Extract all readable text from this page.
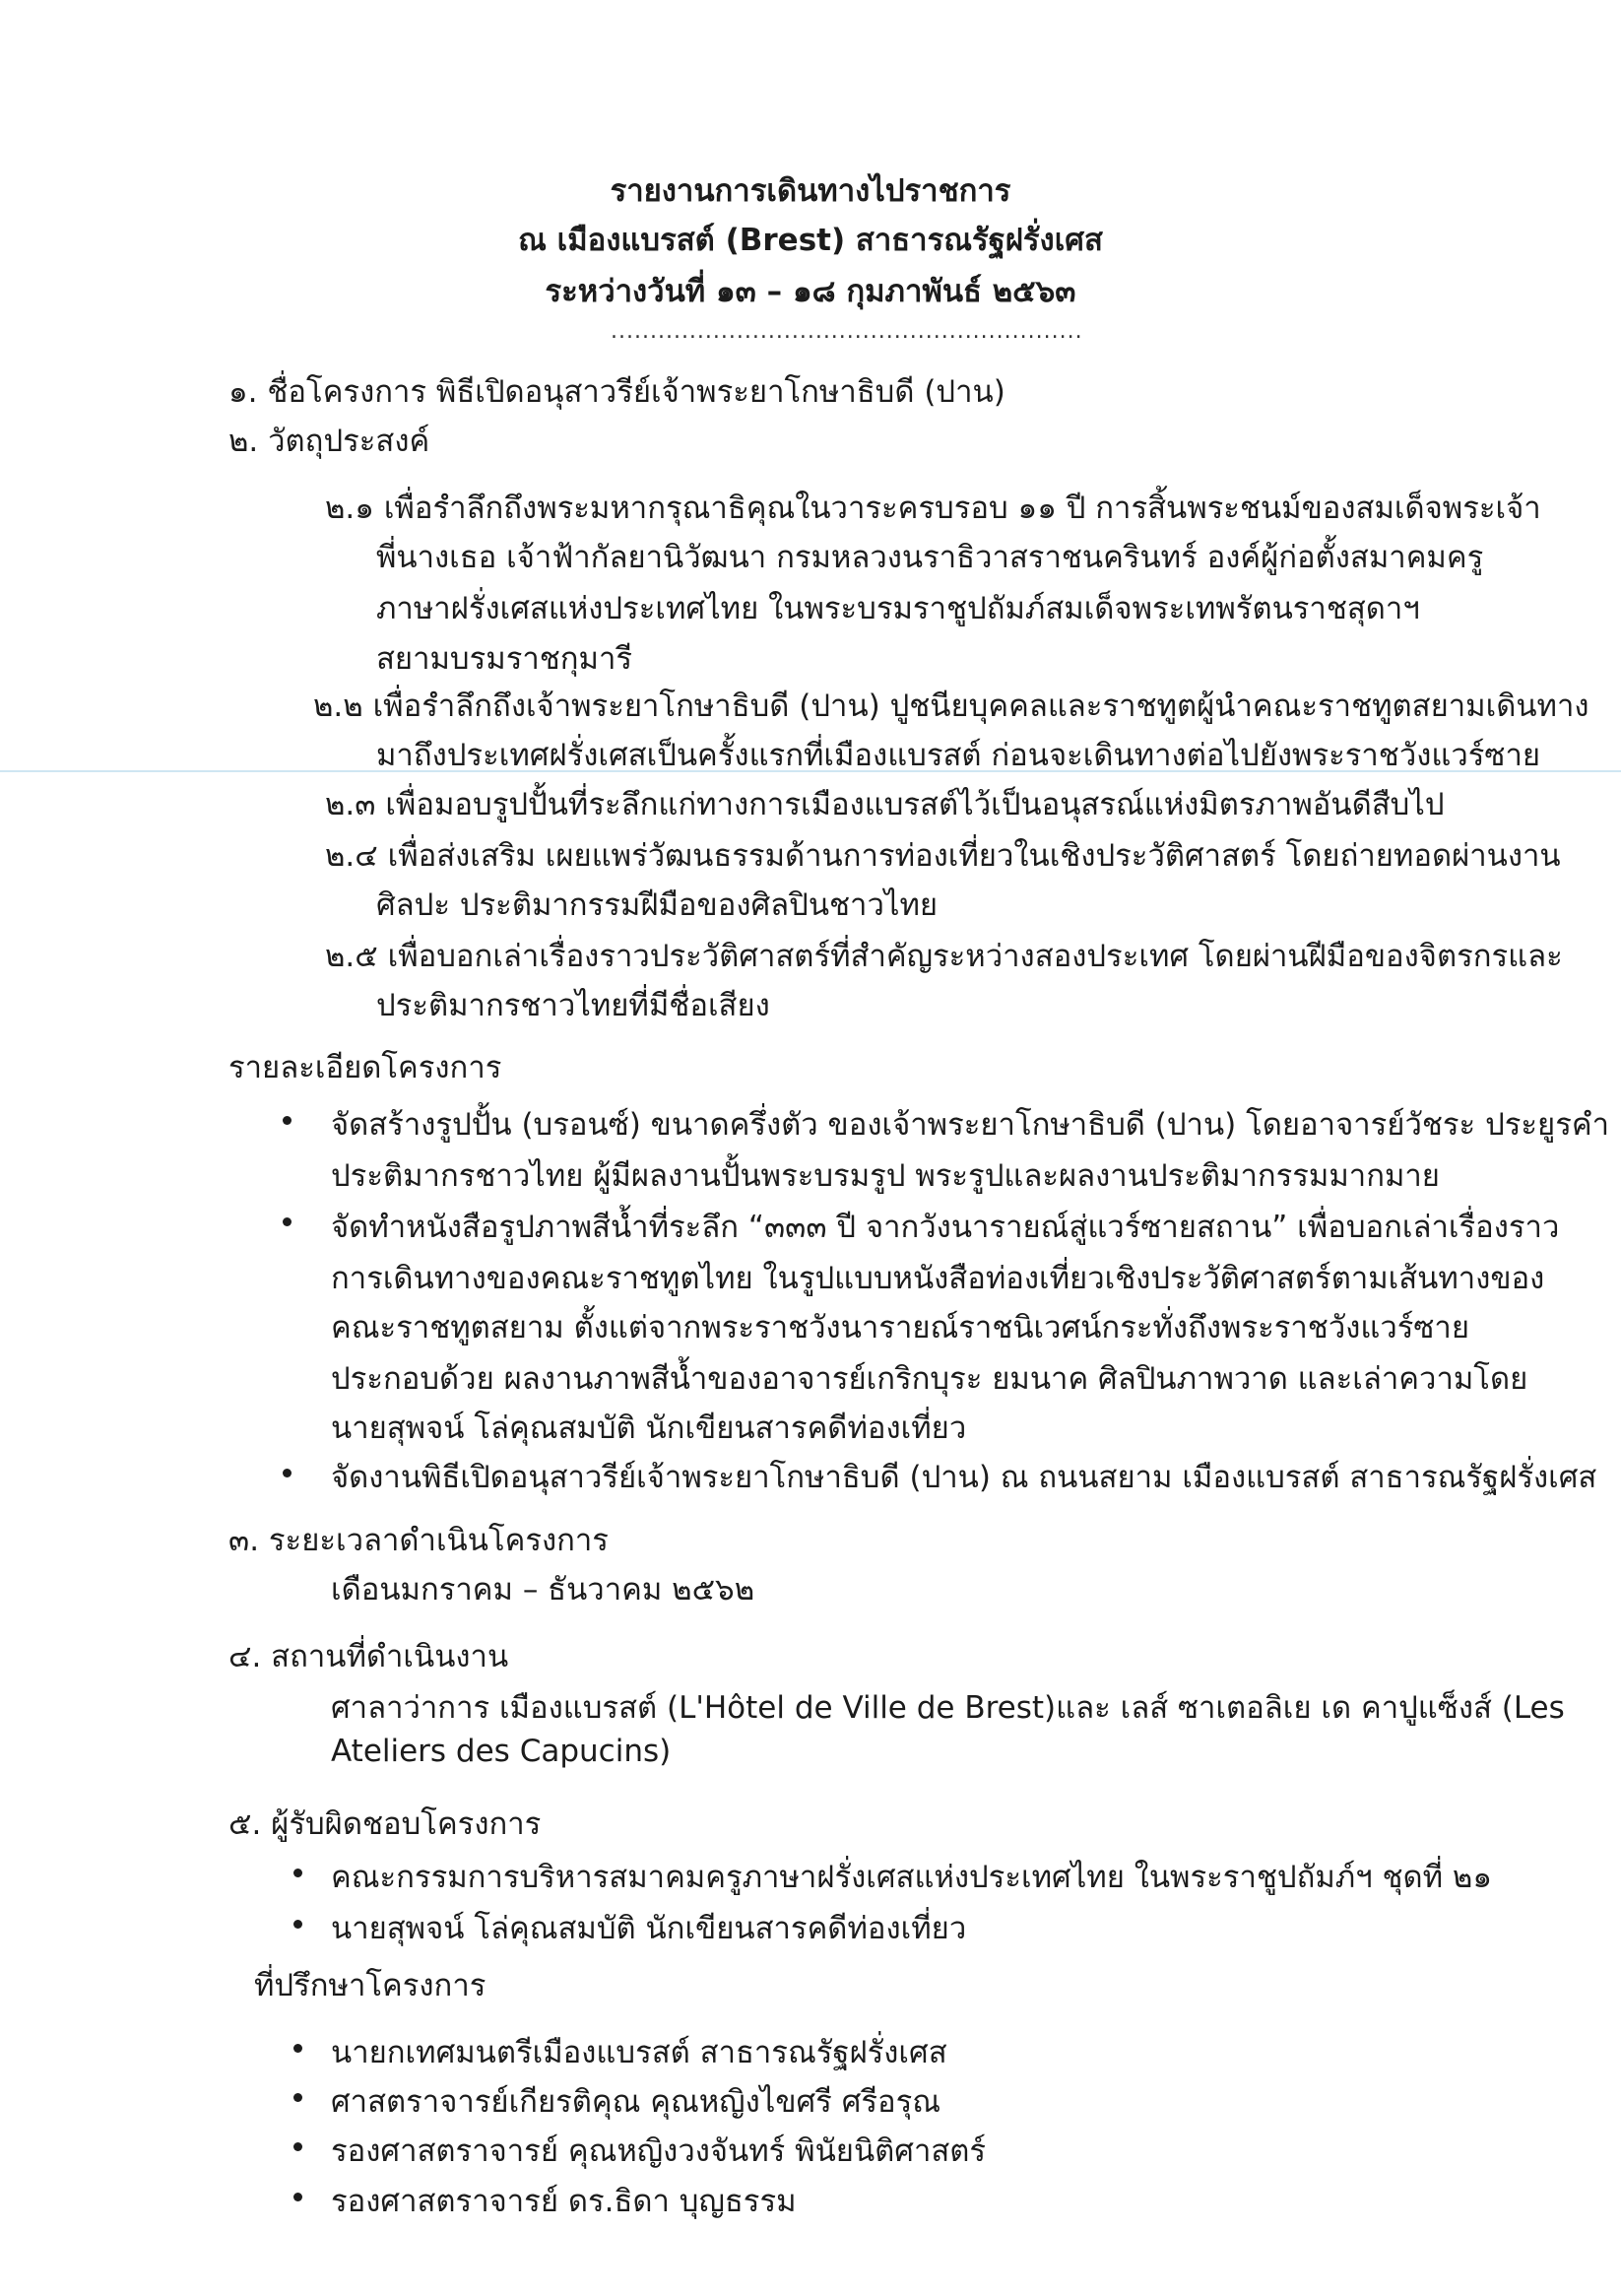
รายงานการเดินทางไปราชการ
ณ เมืองแบรสต์ (Brest) สาธารณรัฐฝรั่งเศส
ระหว่างวันที่ ๑๓ – ๑๘ กุมภาพันธ์ ๒๕๖๓
............................................................
๑. ชื่อโครงการ พิธีเปิดอนุสาวรีย์เจ้าพระยาโกษาธิบดี (ปาน)
๒. วัตถุประสงค์
๒.๑ เพื่อรำลึกถึงพระมหากรุณาธิคุณในวาระครบรอบ ๑๑ ปี การสิ้นพระชนม์ของสมเด็จพระเจ้า
พี่นางเธอ เจ้าฟ้ากัลยานิวัฒนา กรมหลวงนราธิวาสราชนครินทร์ องค์ผู้ก่อตั้งสมาคมครู
ภาษาฝรั่งเศสแห่งประเทศไทย ในพระบรมราชูปถัมภ์สมเด็จพระเทพรัตนราชสุดาฯ
สยามบรมราชกุมารี
๒.๒ เพื่อรำลึกถึงเจ้าพระยาโกษาธิบดี (ปาน) ปูชนียบุคคลและราชทูตผู้นำคณะราชทูตสยามเดินทาง
มาถึงประเทศฝรั่งเศสเป็นครั้งแรกที่เมืองแบรสต์ ก่อนจะเดินทางต่อไปยังพระราชวังแวร์ซาย
๒.๓ เพื่อมอบรูปปั้นที่ระลึกแก่ทางการเมืองแบรสต์ไว้เป็นอนุสรณ์แห่งมิตรภาพอันดีสืบไป
๒.๔ เพื่อส่งเสริม เผยแพร่วัฒนธรรมด้านการท่องเที่ยวในเชิงประวัติศาสตร์ โดยถ่ายทอดผ่านงาน
ศิลปะ ประติมากรรมฝีมือของศิลปินชาวไทย
๒.๕ เพื่อบอกเล่าเรื่องราวประวัติศาสตร์ที่สำคัญระหว่างสองประเทศ โดยผ่านฝีมือของจิตรกรและ
ประติมากรชาวไทยที่มีชื่อเสียง
รายละเอียดโครงการ
จัดสร้างรูปปั้น (บรอนซ์) ขนาดครึ่งตัว ของเจ้าพระยาโกษาธิบดี (ปาน) โดยอาจารย์วัชระ ประยูรคำ
ประติมากรชาวไทย ผู้มีผลงานปั้นพระบรมรูป พระรูปและผลงานประติมากรรมมากมาย
จัดทำหนังสือรูปภาพสีน้ำที่ระลึก “๓๓๓ ปี จากวังนารายณ์สู่แวร์ซายสถาน” เพื่อบอกเล่าเรื่องราว
การเดินทางของคณะราชทูตไทย ในรูปแบบหนังสือท่องเที่ยวเชิงประวัติศาสตร์ตามเส้นทางของ
คณะราชทูตสยาม ตั้งแต่จากพระราชวังนารายณ์ราชนิเวศน์กระทั่งถึงพระราชวังแวร์ซาย
ประกอบด้วย ผลงานภาพสีน้ำของอาจารย์เกริกบุระ ยมนาค ศิลปินภาพวาด และเล่าความโดย
นายสุพจน์ โล่คุณสมบัติ นักเขียนสารคดีท่องเที่ยว
จัดงานพิธีเปิดอนุสาวรีย์เจ้าพระยาโกษาธิบดี (ปาน) ณ ถนนสยาม เมืองแบรสต์ สาธารณรัฐฝรั่งเศส
๓. ระยะเวลาดำเนินโครงการ
เดือนมกราคม – ธันวาคม ๒๕๖๒
๔. สถานที่ดำเนินงาน
ศาลาว่าการ เมืองแบรสต์ (L'Hôtel de Ville de Brest)และ เลส์ ซาเตอลิเย เด คาปูแซ็งส์ (Les
Ateliers des Capucins)
๕. ผู้รับผิดชอบโครงการ
คณะกรรมการบริหารสมาคมครูภาษาฝรั่งเศสแห่งประเทศไทย ในพระราชูปถัมภ์ฯ ชุดที่ ๒๑
นายสุพจน์ โล่คุณสมบัติ นักเขียนสารคดีท่องเที่ยว
ที่ปรึกษาโครงการ
นายกเทศมนตรีเมืองแบรสต์ สาธารณรัฐฝรั่งเศส
ศาสตราจารย์เกียรติคุณ คุณหญิงไขศรี ศรีอรุณ
รองศาสตราจารย์ คุณหญิงวงจันทร์ พินัยนิติศาสตร์
รองศาสตราจารย์ ดร.ธิดา บุญธรรม
